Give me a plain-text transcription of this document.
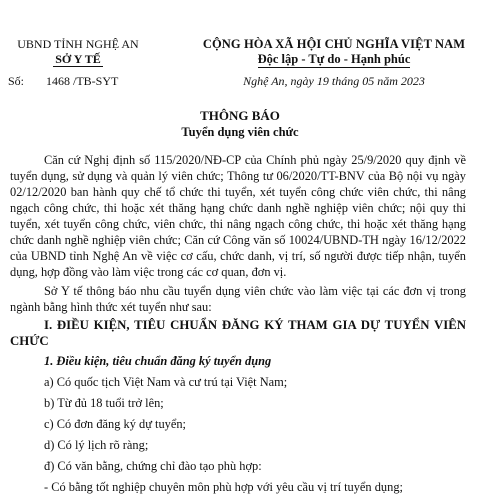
UBND TỈNH NGHỆ AN
SỞ Y TẾ
Số: 1468 /TB-SYT
CỘNG HÒA XÃ HỘI CHỦ NGHĨA VIỆT NAM
Độc lập - Tự do - Hạnh phúc
Nghệ An, ngày 19 tháng 05 năm 2023
THÔNG BÁO
Tuyển dụng viên chức

Căn cứ Nghị định số 115/2020/NĐ-CP của Chính phủ ngày 25/9/2020 quy định về tuyển dụng, sử dụng và quản lý viên chức; Thông tư 06/2020/TT-BNV của Bộ nội vụ ngày 02/12/2020 ban hành quy chế tổ chức thi tuyển, xét tuyển công chức viên chức, thi nâng ngạch công chức, thi hoặc xét thăng hạng chức danh nghề nghiệp viên chức; nội quy thi tuyển, xét tuyển công chức, viên chức, thi nâng ngạch công chức, thi hoặc xét thăng hạng chức danh nghề nghiệp viên chức; Căn cứ Công văn số 10024/UBND-TH ngày 16/12/2022 của UBND tỉnh Nghệ An về việc cơ cấu, chức danh, vị trí, số người được tiếp nhận, tuyển dụng, hợp đồng vào làm việc trong các cơ quan, đơn vị.

Sở Y tế thông báo nhu cầu tuyển dụng viên chức vào làm việc tại các đơn vị trong ngành bằng hình thức xét tuyển như sau:

I. ĐIỀU KIỆN, TIÊU CHUẨN ĐĂNG KÝ THAM GIA DỰ TUYỂN VIÊN CHỨC

1. Điều kiện, tiêu chuẩn đăng ký tuyển dụng

a) Có quốc tịch Việt Nam và cư trú tại Việt Nam;

b) Từ đủ 18 tuổi trở lên;

c) Có đơn đăng ký dự tuyển;

d) Có lý lịch rõ ràng;

đ) Có văn bằng, chứng chỉ đào tạo phù hợp:

- Có bằng tốt nghiệp chuyên môn phù hợp với yêu cầu vị trí tuyển dụng;
